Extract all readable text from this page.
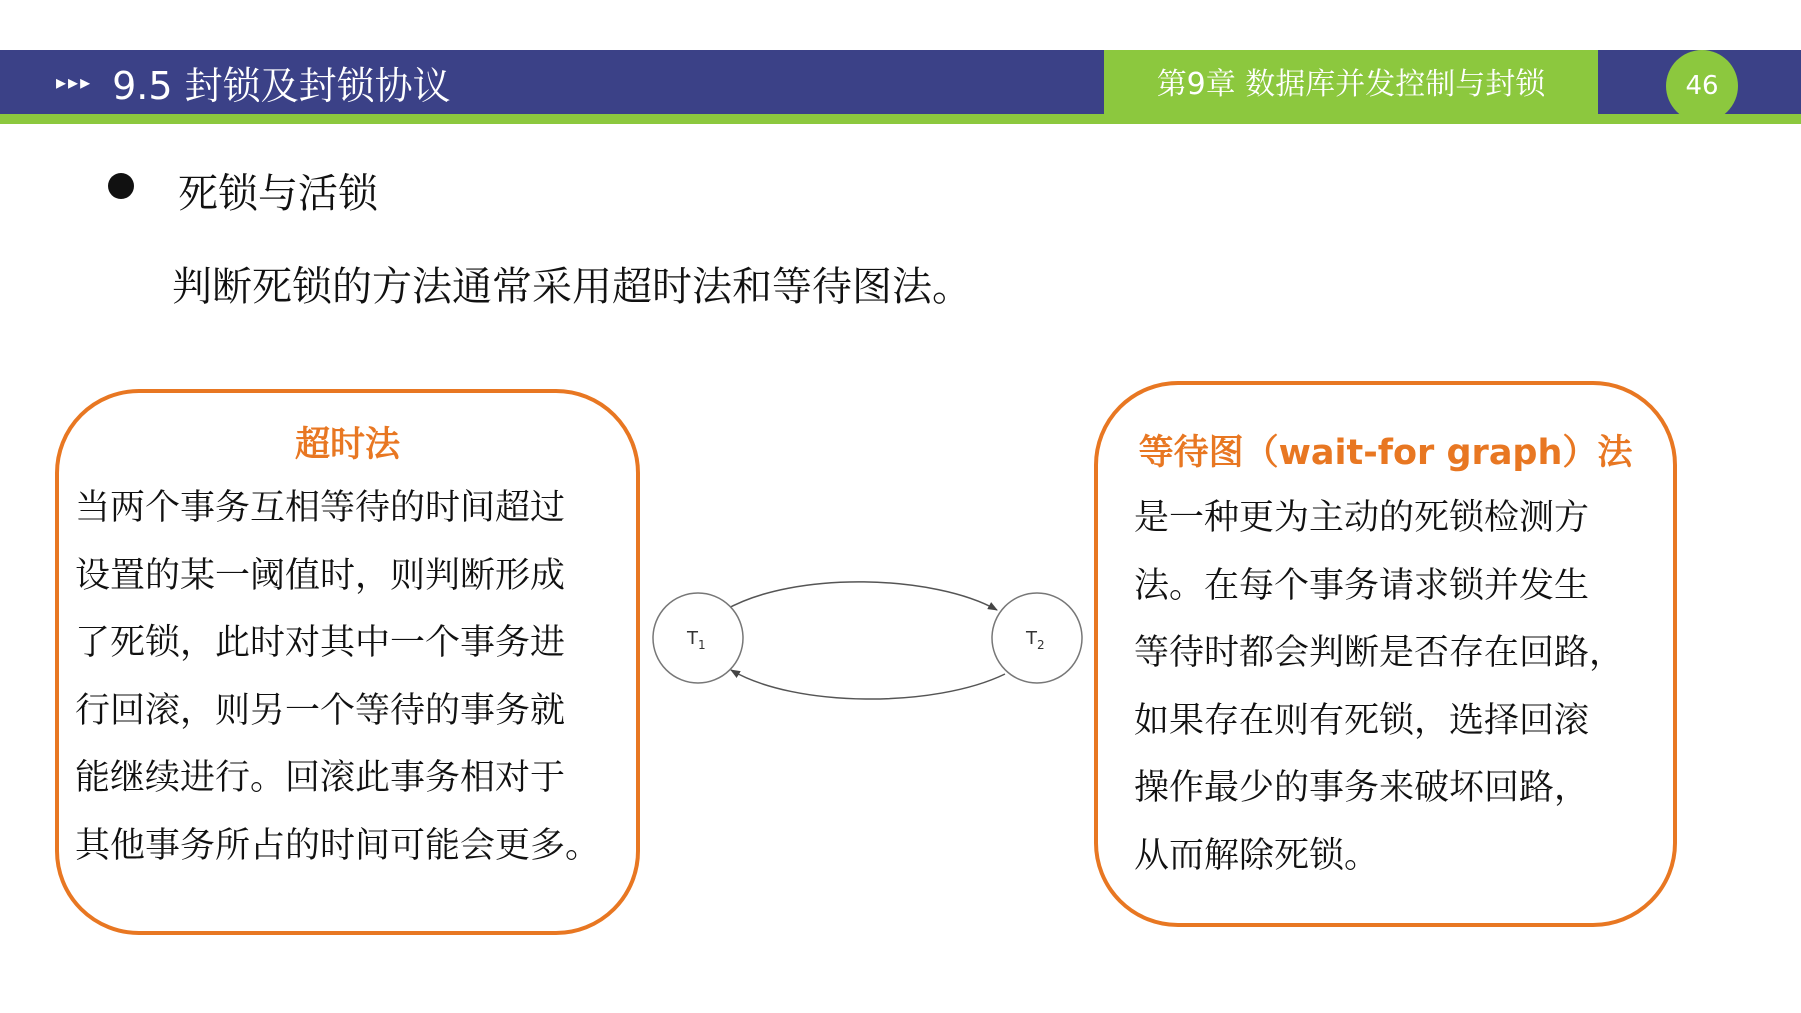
▸▸▸ 9.5 封锁及封锁协议	第9章 数据库并发控制与封锁	46
死锁与活锁
判断死锁的方法通常采用超时法和等待图法。
超时法
当两个事务互相等待的时间超过
设置的某一阈值时，则判断形成
了死锁，此时对其中一个事务进
行回滚，则另一个等待的事务就
能继续进行。回滚此事务相对于
其他事务所占的时间可能会更多。
$T_1$	$T_2$
等待图（wait-for graph）法
是一种更为主动的死锁检测方
法。在每个事务请求锁并发生
等待时都会判断是否存在回路，
如果存在则有死锁，选择回滚
操作最少的事务来破坏回路，
从而解除死锁。
